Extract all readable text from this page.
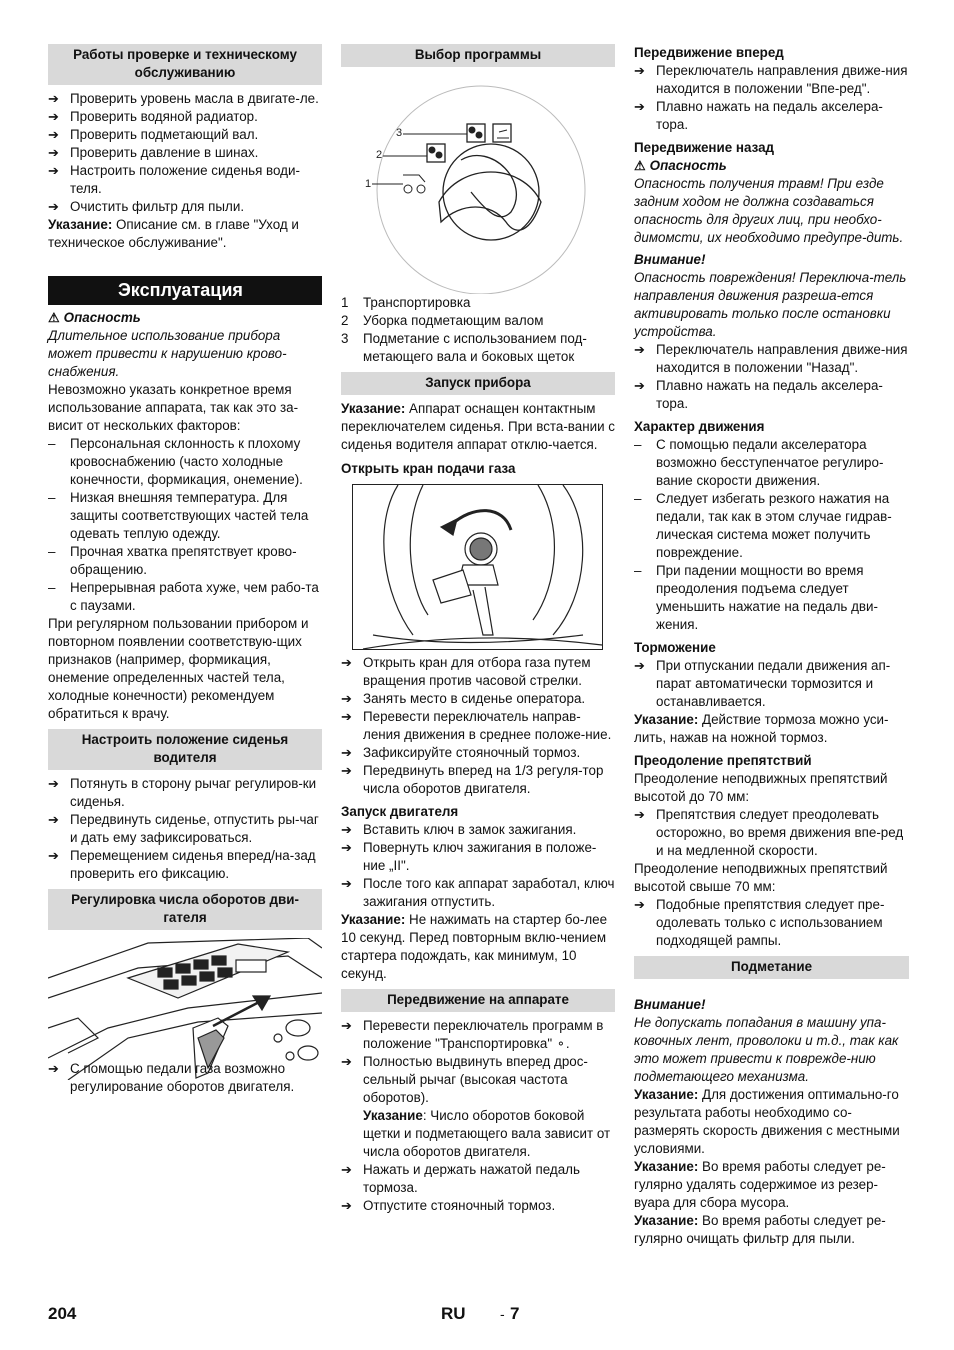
Работы проверке и техническому обслуживанию
➔ Проверить уровень масла в двигате-ле.
➔ Проверить водяной радиатор.
➔ Проверить подметающий вал.
➔ Проверить давление в шинах.
➔ Настроить положение сиденья води-теля.
➔ Очистить фильтр для пыли.

Указание: Описание см. в главе "Уход и техническое обслуживание".

Эксплуатация

⚠ Опасность

Длительное использование прибора может привести к нарушению крово-снабжения.

Невозможно указать конкретное время использование аппарата, так как это за-висит от нескольких факторов:

– Персональная склонность к плохому кровоснабжению (часто холодные конечности, формикация, онемение).
– Низкая внешняя температура. Для защиты соответствующих частей тела одевать теплую одежду.
– Прочная хватка препятствует крово-обращению.
– Непрерывная работа хуже, чем рабо-та с паузами.

При регулярном пользовании прибором и повторном появлении соответствую-щих признаков (например, формикация, онемение определенных частей тела, холодные конечности) рекомендуем обратиться к врачу.

Настроить положение сиденья водителя
➔ Потянуть в сторону рычаг регулиров-ки сиденья.
➔ Передвинуть сиденье, отпустить ры-чаг и дать ему зафиксироваться.
➔ Перемещением сиденья вперед/на-зад проверить его фиксацию.
Регулировка числа оборотов дви-гателя
➔ С помощью педали газа возможно регулирование оборотов двигателя.
Выбор программы
3
2
1
1 Транспортировка
2 Уборка подметающим валом
3 Подметание с использованием под-метающего вала и боковых щеток
Запуск прибора

Указание: Аппарат оснащен контактным переключателем сиденья. При вста-вании с сиденья водителя аппарат отклю-чается.

Открыть кран подачи газа

➔ Открыть кран для отбора газа путем вращения против часовой стрелки.
➔ Занять место в сиденье оператора.
➔ Перевести переключатель направ-ления движения в среднее положе-ние.
➔ Зафиксируйте стояночный тормоз.
➔ Передвинуть вперед на 1/3 регуля-тор числа оборотов двигателя.

Запуск двигателя

➔ Вставить ключ в замок зажигания.
➔ Повернуть ключ зажигания в положе-ние „II".
➔ После того как аппарат заработал, ключ зажигания отпустить.

Указание: Не нажимать на стартер бо-лее 10 секунд. Перед повторным вклю-чением стартера подождать, как минимум, 10 секунд.

Передвижение на аппарате
➔ Перевести переключатель программ в положение "Транспортировка" ⚬.
➔ Полностью выдвинуть вперед дрос-сельный рычаг (высокая частота оборотов).
Указание: Число оборотов боковой щетки и подметающего вала зависит от числа оборотов двигателя.
➔ Нажать и держать нажатой педаль тормоза.
➔ Отпустите стояночный тормоз.

Передвижение вперед

➔ Переключатель направления движе-ния находится в положении "Впе-ред".
➔ Плавно нажать на педаль акселера-тора.

Передвижение назад

⚠ Опасность

Опасность получения травм! При езде задним ходом не должна создаваться опасность для других лиц, при необхо-димомсти, их необходимо предупре-дить.

Внимание!

Опасность повреждения! Переключа-тель направления движения разреша-ется активировать только после остановки устройства.

➔ Переключатель направления движе-ния находится в положении "Назад".
➔ Плавно нажать на педаль акселера-тора.

Характер движения

– С помощью педали акселератора возможно бесступенчатое регулиро-вание скорости движения.
– Следует избегать резкого нажатия на педали, так как в этом случае гидрав-лическая система может получить повреждение.
– При падении мощности во время преодоления подъема следует уменьшить нажатие на педаль дви-жения.

Торможение

➔ При отпускании педали движения ап-парат автоматически тормозится и останавливается.

Указание: Действие тормоза можно уси-лить, нажав на ножной тормоз.

Преодоление препятствий

Преодоление неподвижных препятствий высотой до 70 мм:

➔ Препятствия следует преодолевать осторожно, во время движения впе-ред и на медленной скорости.

Преодоление неподвижных препятствий высотой свыше 70 мм:

➔ Подобные препятствия следует пре-одолевать только с использованием подходящей рампы.
Подметание

Внимание!

Не допускать попадания в машину упа-ковочных лент, проволоки и т.д., так как это может привести к поврежде-нию подметающего механизма.

Указание: Для достижения оптимально-го результата работы необходимо со-размерять скорость движения с местными условиями.

Указание: Во время работы следует ре-гулярно удалять содержимое из резер-вуара для сбора мусора.

Указание: Во время работы следует ре-гулярно очищать фильтр для пыли.

204	RU - 7
